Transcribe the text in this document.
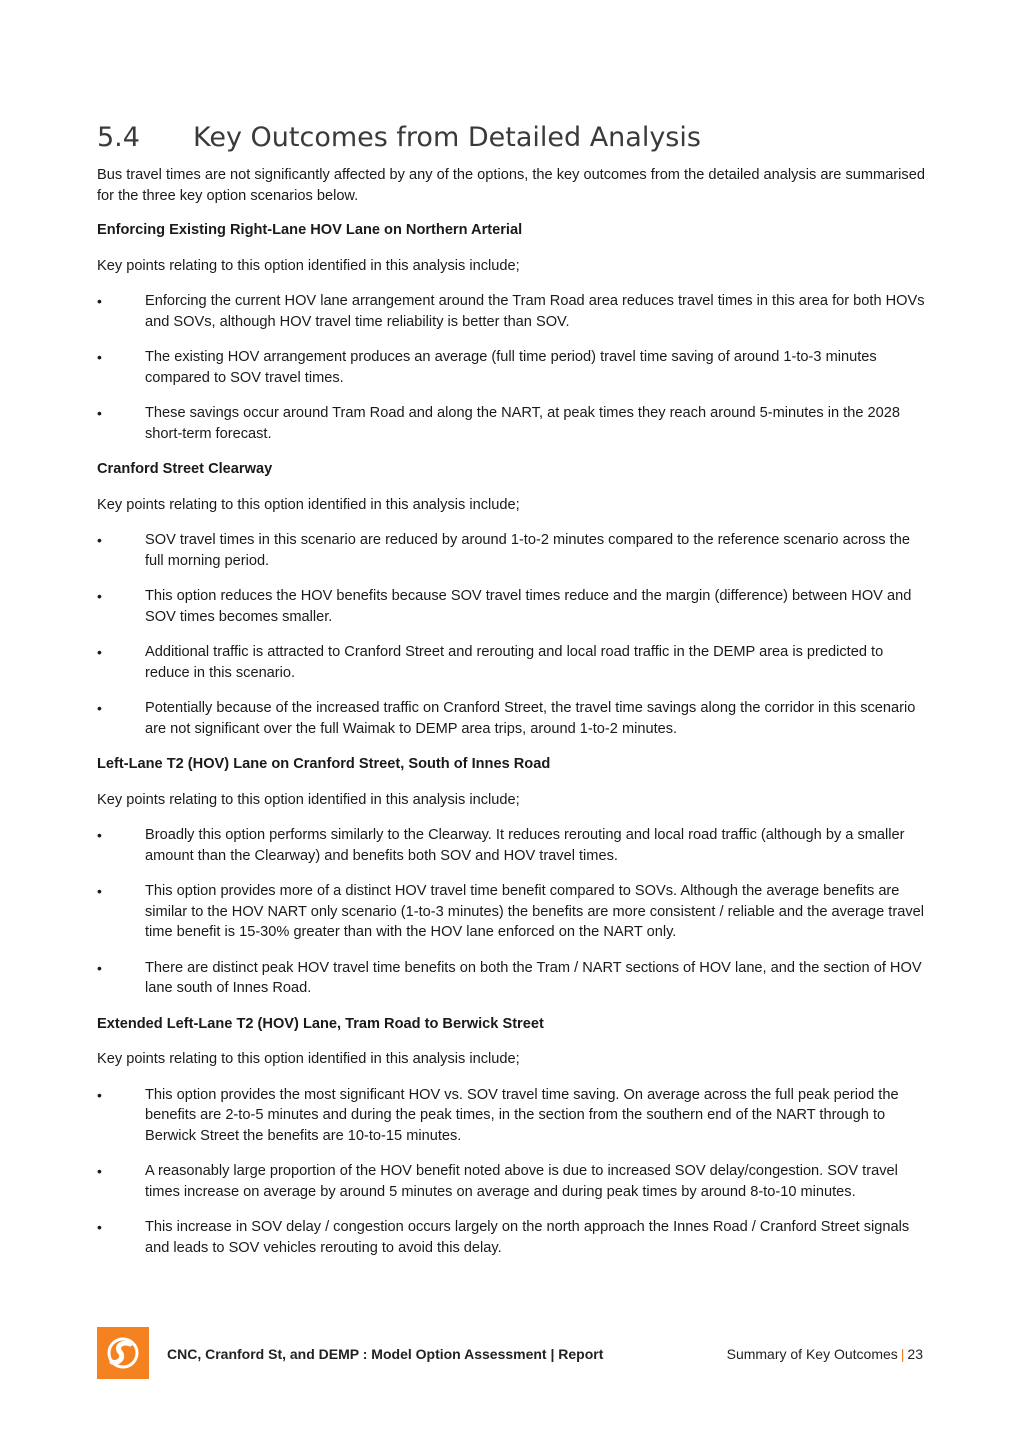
5.4 Key Outcomes from Detailed Analysis

Bus travel times are not significantly affected by any of the options, the key outcomes from the detailed analysis are summarised for the three key option scenarios below.

Enforcing Existing Right-Lane HOV Lane on Northern Arterial

Key points relating to this option identified in this analysis include;

•	Enforcing the current HOV lane arrangement around the Tram Road area reduces travel times in this area for both HOVs and SOVs, although HOV travel time reliability is better than SOV.
•	The existing HOV arrangement produces an average (full time period) travel time saving of around 1-to-3 minutes compared to SOV travel times.
•	These savings occur around Tram Road and along the NART, at peak times they reach around 5-minutes in the 2028 short-term forecast.

Cranford Street Clearway

Key points relating to this option identified in this analysis include;

•	SOV travel times in this scenario are reduced by around 1-to-2 minutes compared to the reference scenario across the full morning period.
•	This option reduces the HOV benefits because SOV travel times reduce and the margin (difference) between HOV and SOV times becomes smaller.
•	Additional traffic is attracted to Cranford Street and rerouting and local road traffic in the DEMP area is predicted to reduce in this scenario.
•	Potentially because of the increased traffic on Cranford Street, the travel time savings along the corridor in this scenario are not significant over the full Waimak to DEMP area trips, around 1-to-2 minutes.

Left-Lane T2 (HOV) Lane on Cranford Street, South of Innes Road

Key points relating to this option identified in this analysis include;

•	Broadly this option performs similarly to the Clearway. It reduces rerouting and local road traffic (although by a smaller amount than the Clearway) and benefits both SOV and HOV travel times.
•	This option provides more of a distinct HOV travel time benefit compared to SOVs. Although the average benefits are similar to the HOV NART only scenario (1-to-3 minutes) the benefits are more consistent / reliable and the average travel time benefit is 15-30% greater than with the HOV lane enforced on the NART only.
•	There are distinct peak HOV travel time benefits on both the Tram / NART sections of HOV lane, and the section of HOV lane south of Innes Road.

Extended Left-Lane T2 (HOV) Lane, Tram Road to Berwick Street

Key points relating to this option identified in this analysis include;

•	This option provides the most significant HOV vs. SOV travel time saving. On average across the full peak period the benefits are 2-to-5 minutes and during the peak times, in the section from the southern end of the NART through to Berwick Street the benefits are 10-to-15 minutes.
•	A reasonably large proportion of the HOV benefit noted above is due to increased SOV delay/congestion. SOV travel times increase on average by around 5 minutes on average and during peak times by around 8-to-10 minutes.
•	This increase in SOV delay / congestion occurs largely on the north approach the Innes Road / Cranford Street signals and leads to SOV vehicles rerouting to avoid this delay.
CNC, Cranford St, and DEMP : Model Option Assessment | Report	Summary of Key Outcomes | 23
